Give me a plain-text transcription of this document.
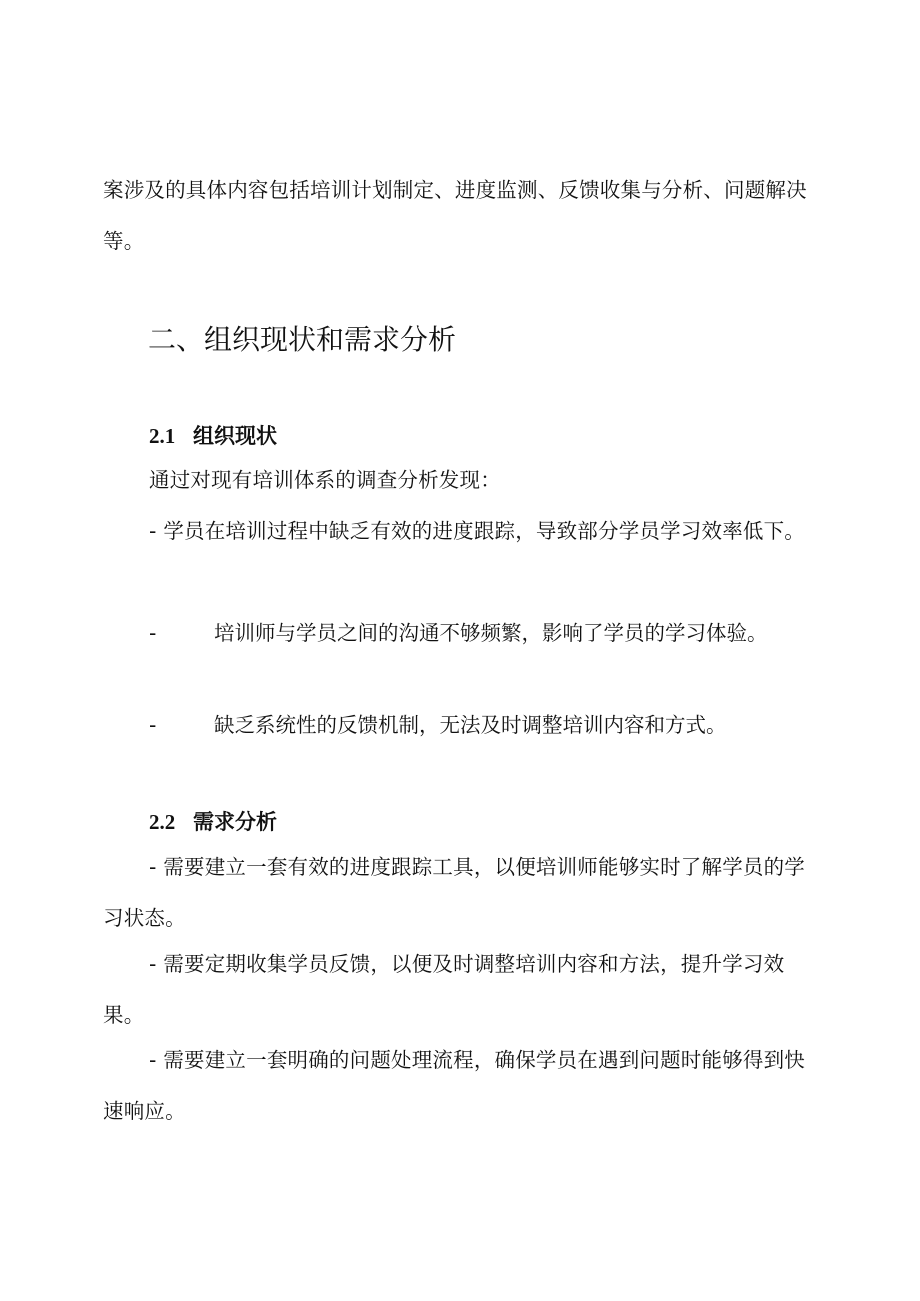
案涉及的具体内容包括培训计划制定、进度监测、反馈收集与分析、问题解决等。

二、组织现状和需求分析
2.1 组织现状

通过对现有培训体系的调查分析发现：

- 学员在培训过程中缺乏有效的进度跟踪，导致部分学员学习效率低下。

-	培训师与学员之间的沟通不够频繁，影响了学员的学习体验。

-	缺乏系统性的反馈机制，无法及时调整培训内容和方式。

2.2 需求分析

- 需要建立一套有效的进度跟踪工具，以便培训师能够实时了解学员的学习状态。

- 需要定期收集学员反馈，以便及时调整培训内容和方法，提升学习效果。

- 需要建立一套明确的问题处理流程，确保学员在遇到问题时能够得到快速响应。
